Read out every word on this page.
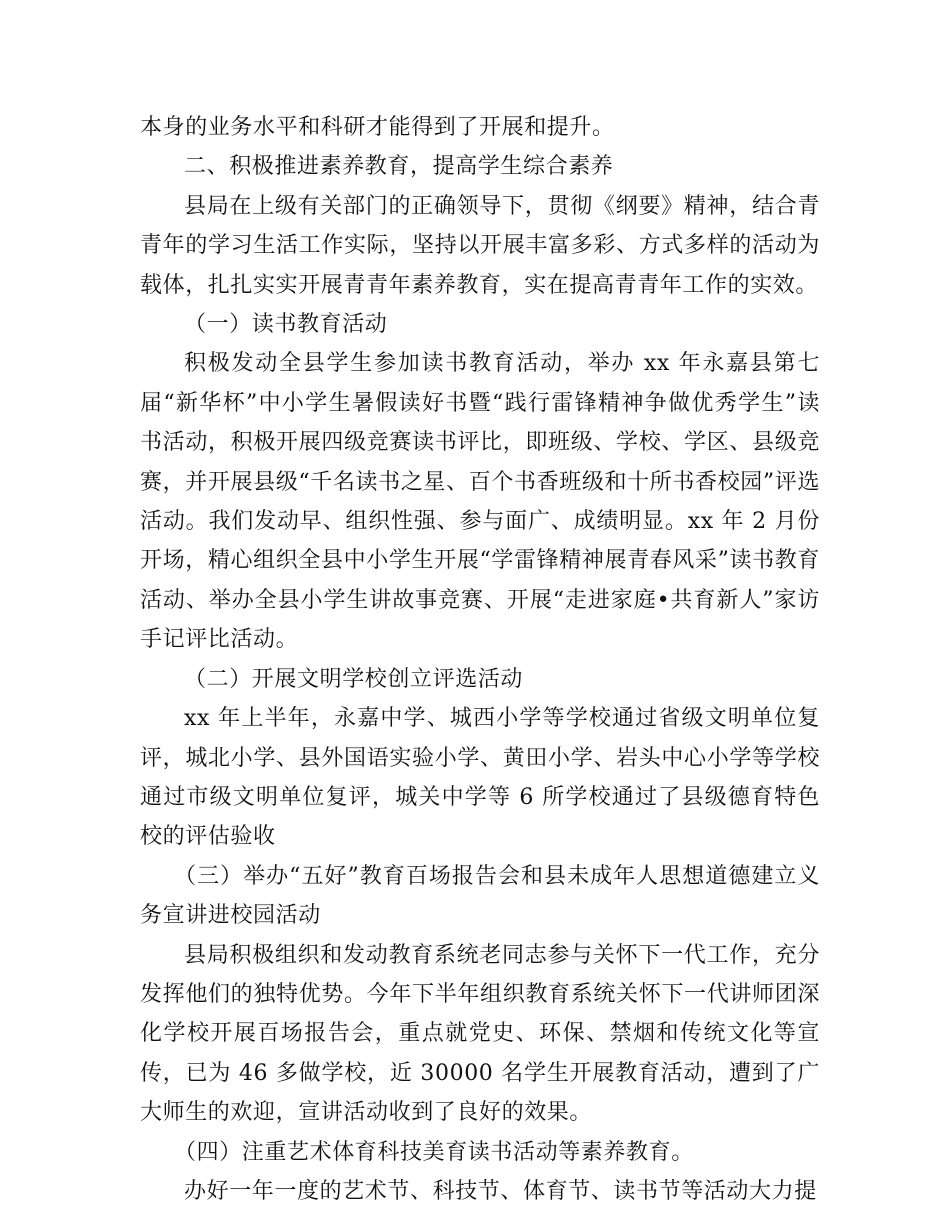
本身的业务水平和科研才能得到了开展和提升。

二、积极推进素养教育，提高学生综合素养

县局在上级有关部门的正确领导下，贯彻《纲要》精神，结合青青年的学习生活工作实际，坚持以开展丰富多彩、方式多样的活动为载体，扎扎实实开展青青年素养教育，实在提高青青年工作的实效。

（一）读书教育活动

积极发动全县学生参加读书教育活动，举办 xx 年永嘉县第七届“新华杯”中小学生暑假读好书暨“践行雷锋精神争做优秀学生”读书活动，积极开展四级竞赛读书评比，即班级、学校、学区、县级竞赛，并开展县级“千名读书之星、百个书香班级和十所书香校园”评选活动。我们发动早、组织性强、参与面广、成绩明显。xx 年 2 月份开场，精心组织全县中小学生开展“学雷锋精神展青春风采”读书教育活动、举办全县小学生讲故事竞赛、开展“走进家庭•共育新人”家访手记评比活动。

（二）开展文明学校创立评选活动

xx 年上半年，永嘉中学、城西小学等学校通过省级文明单位复评，城北小学、县外国语实验小学、黄田小学、岩头中心小学等学校通过市级文明单位复评，城关中学等 6 所学校通过了县级德育特色校的评估验收

（三）举办“五好”教育百场报告会和县未成年人思想道德建立义务宣讲进校园活动

县局积极组织和发动教育系统老同志参与关怀下一代工作，充分发挥他们的独特优势。今年下半年组织教育系统关怀下一代讲师团深化学校开展百场报告会，重点就党史、环保、禁烟和传统文化等宣传，已为 46 多做学校，近 30000 名学生开展教育活动，遭到了广大师生的欢迎，宣讲活动收到了良好的效果。

（四）注重艺术体育科技美育读书活动等素养教育。

办好一年一度的艺术节、科技节、体育节、读书节等活动大力提
